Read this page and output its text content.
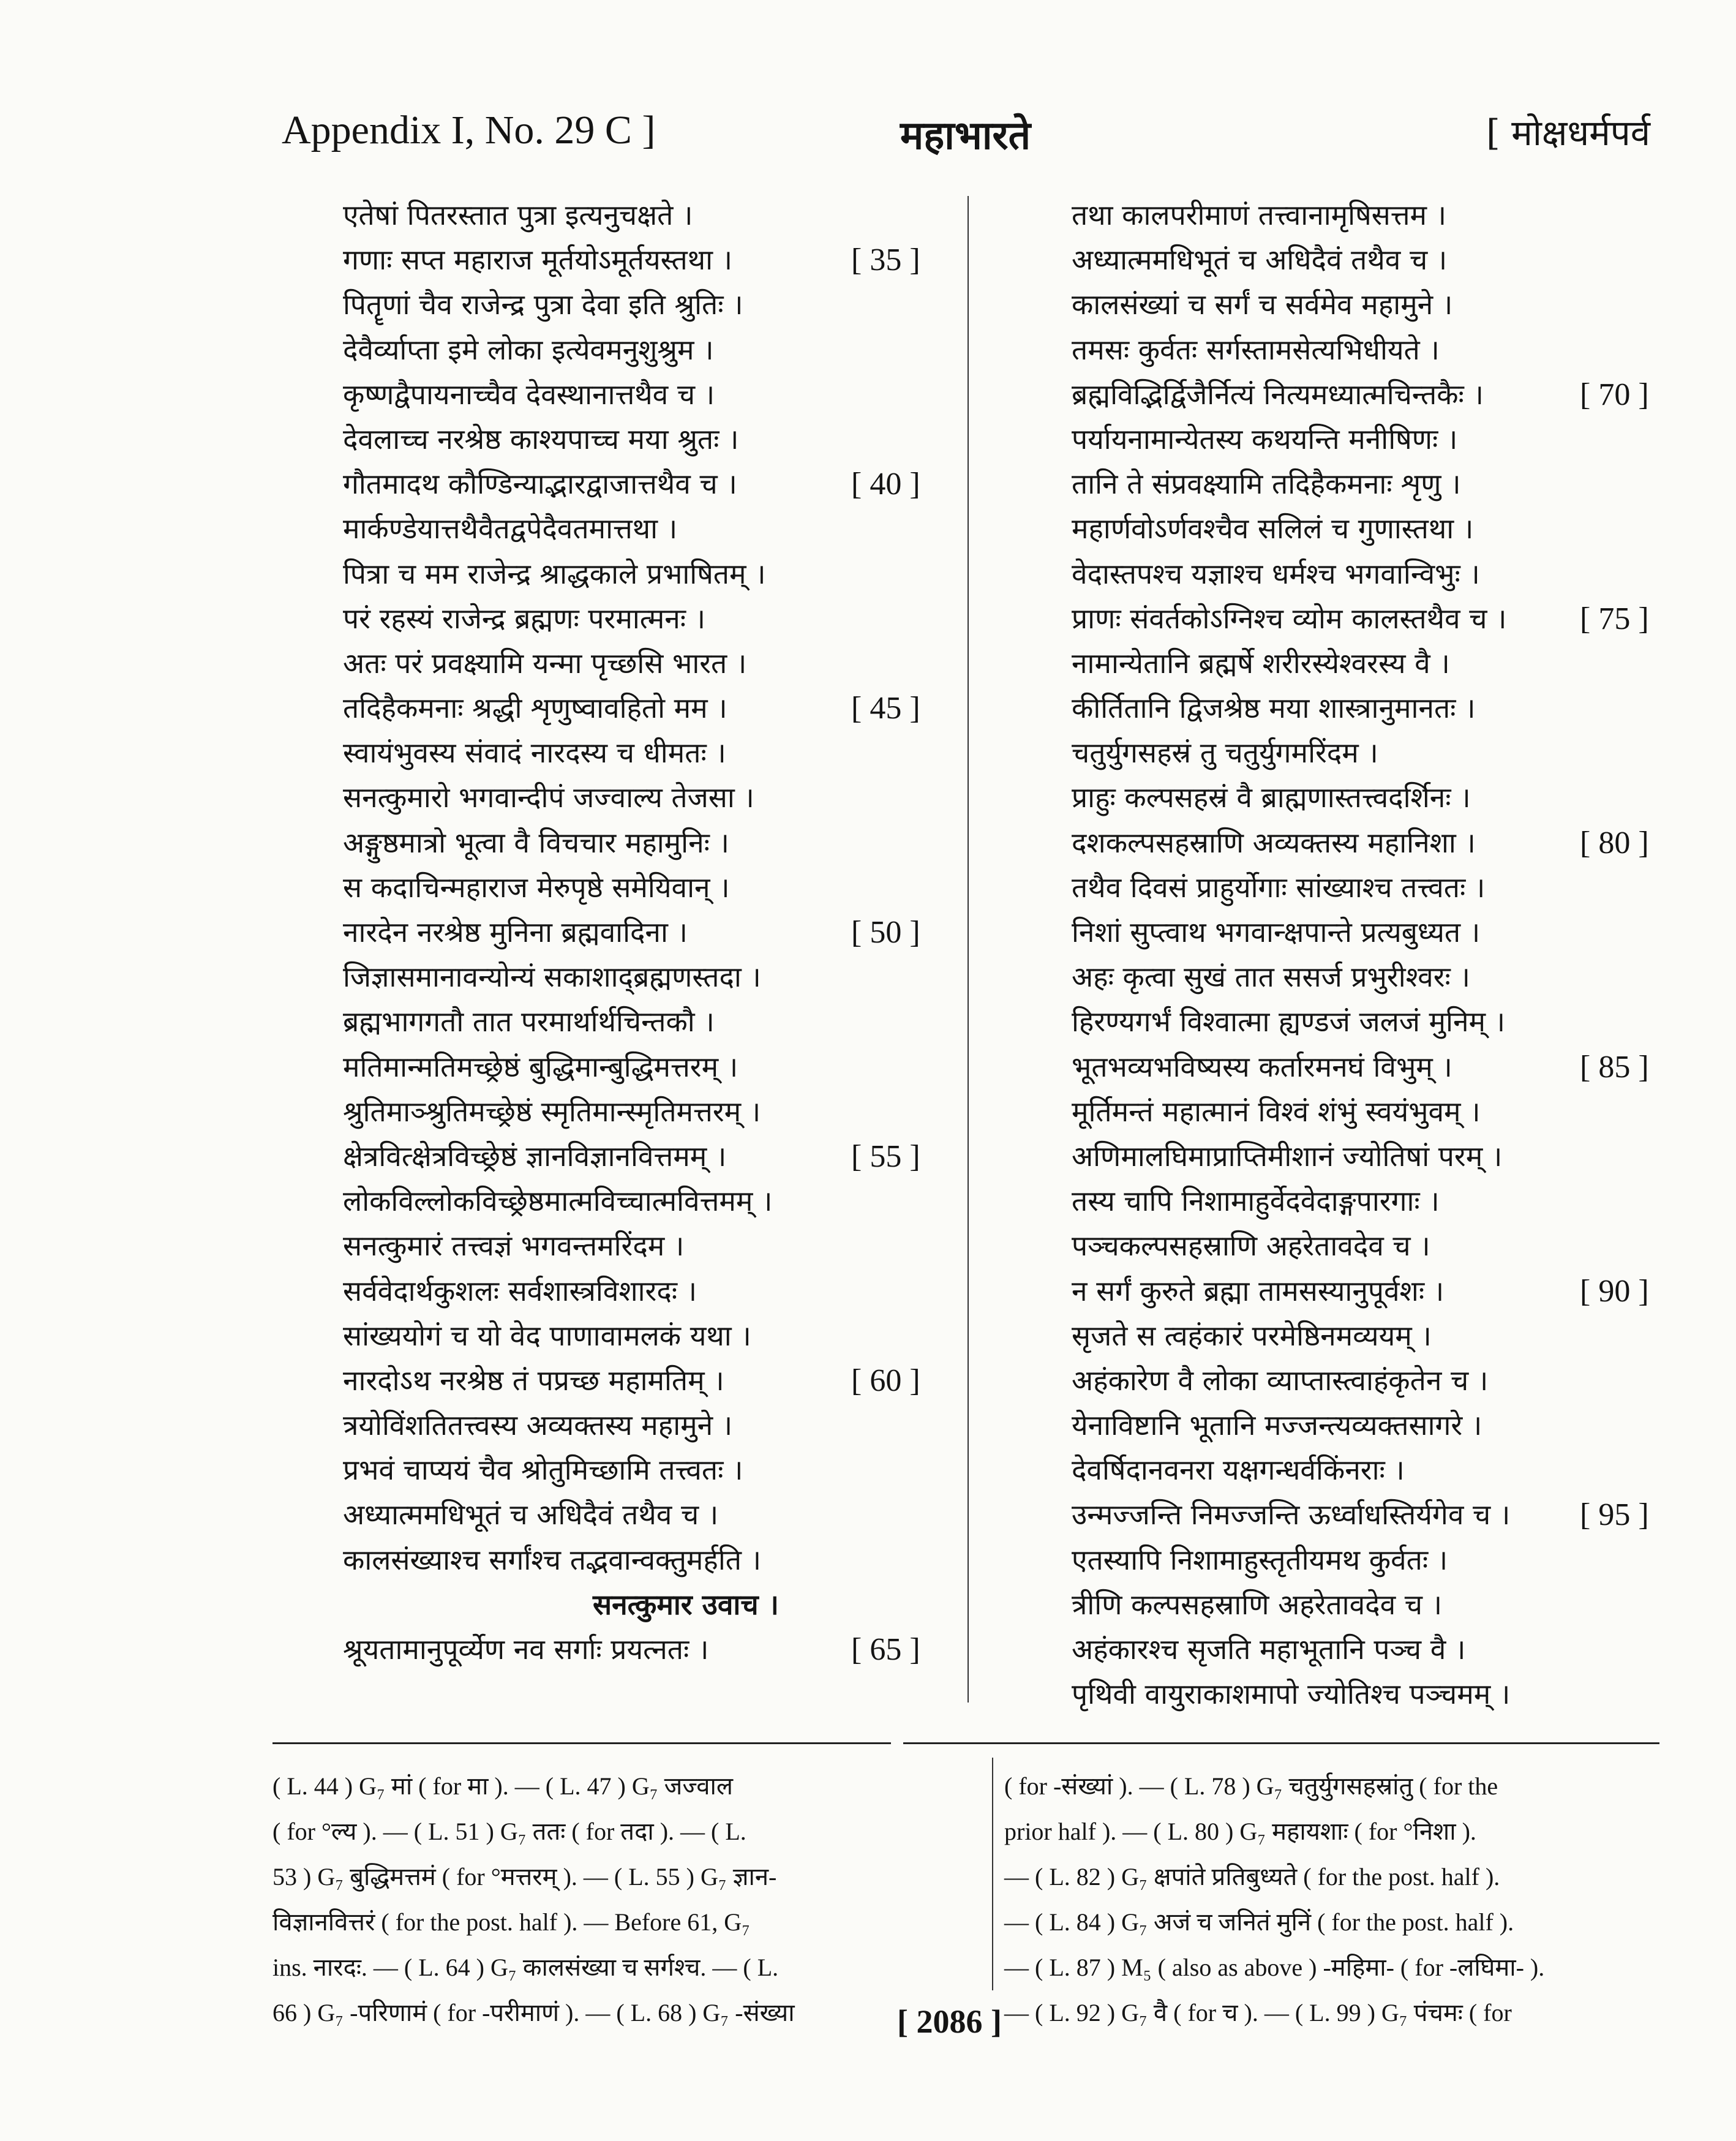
Appendix I, No. 29 C ]	महाभारते	[ मोक्षधर्मपर्व
एतेषां पितरस्तात पुत्रा इत्यनुचक्षते ।
गणाः सप्त महाराज मूर्तयोऽमूर्तयस्तथा ।	[ 35 ]
पितॄणां चैव राजेन्द्र पुत्रा देवा इति श्रुतिः ।
देवैर्व्याप्ता इमे लोका इत्येवमनुशुश्रुम ।
कृष्णद्वैपायनाच्चैव देवस्थानात्तथैव च ।
देवलाच्च नरश्रेष्ठ काश्यपाच्च मया श्रुतः ।
गौतमादथ कौण्डिन्याद्भारद्वाजात्तथैव च ।	[ 40 ]
मार्कण्डेयात्तथैवैतद्वपेदैवतमात्तथा ।
पित्रा च मम राजेन्द्र श्राद्धकाले प्रभाषितम् ।
परं रहस्यं राजेन्द्र ब्रह्मणः परमात्मनः ।
अतः परं प्रवक्ष्यामि यन्मा पृच्छसि भारत ।
तदिहैकमनाः श्रद्धी शृणुष्वावहितो मम ।	[ 45 ]
स्वायंभुवस्य संवादं नारदस्य च धीमतः ।
सनत्कुमारो भगवान्दीपं जज्वाल्य तेजसा ।
अङ्गुष्ठमात्रो भूत्वा वै विचचार महामुनिः ।
स कदाचिन्महाराज मेरुपृष्ठे समेयिवान् ।
नारदेन नरश्रेष्ठ मुनिना ब्रह्मवादिना ।	[ 50 ]
जिज्ञासमानावन्योन्यं सकाशाद्ब्रह्मणस्तदा ।
ब्रह्मभागगतौ तात परमार्थार्थचिन्तकौ ।
मतिमान्मतिमच्छ्रेष्ठं बुद्धिमान्बुद्धिमत्तरम् ।
श्रुतिमाञ्श्रुतिमच्छ्रेष्ठं स्मृतिमान्स्मृतिमत्तरम् ।
क्षेत्रवित्क्षेत्रविच्छ्रेष्ठं ज्ञानविज्ञानवित्तमम् ।	[ 55 ]
लोकविल्लोकविच्छ्रेष्ठमात्मविच्चात्मवित्तमम् ।
सनत्कुमारं तत्त्वज्ञं भगवन्तमरिंदम ।
सर्ववेदार्थकुशलः सर्वशास्त्रविशारदः ।
सांख्ययोगं च यो वेद पाणावामलकं यथा ।
नारदोऽथ नरश्रेष्ठ तं पप्रच्छ महामतिम् ।	[ 60 ]
त्रयोविंशतितत्त्वस्य अव्यक्तस्य महामुने ।
प्रभवं चाप्ययं चैव श्रोतुमिच्छामि तत्त्वतः ।
अध्यात्ममधिभूतं च अधिदैवं तथैव च ।
कालसंख्याश्च सर्गांश्च तद्भवान्वक्तुमर्हति ।
सनत्कुमार उवाच ।
श्रूयतामानुपूर्व्येण नव सर्गाः प्रयत्नतः ।	[ 65 ]
तथा कालपरीमाणं तत्त्वानामृषिसत्तम ।
अध्यात्ममधिभूतं च अधिदैवं तथैव च ।
कालसंख्यां च सर्गं च सर्वमेव महामुने ।
तमसः कुर्वतः सर्गस्तामसेत्यभिधीयते ।
ब्रह्मविद्भिर्द्विजैर्नित्यं नित्यमध्यात्मचिन्तकैः ।	[ 70 ]
पर्यायनामान्येतस्य कथयन्ति मनीषिणः ।
तानि ते संप्रवक्ष्यामि तदिहैकमनाः शृणु ।
महार्णवोऽर्णवश्चैव सलिलं च गुणास्तथा ।
वेदास्तपश्च यज्ञाश्च धर्मश्च भगवान्विभुः ।
प्राणः संवर्तकोऽग्निश्च व्योम कालस्तथैव च । [ 75 ]
नामान्येतानि ब्रह्मर्षे शरीरस्येश्वरस्य वै ।
कीर्तितानि द्विजश्रेष्ठ मया शास्त्रानुमानतः ।
चतुर्युगसहस्रं तु चतुर्युगमरिंदम ।
प्राहुः कल्पसहस्रं वै ब्राह्मणास्तत्त्वदर्शिनः ।
दशकल्पसहस्राणि अव्यक्तस्य महानिशा ।	[ 80 ]
तथैव दिवसं प्राहुर्योगाः सांख्याश्च तत्त्वतः ।
निशां सुप्त्वाथ भगवान्क्षपान्ते प्रत्यबुध्यत ।
अहः कृत्वा सुखं तात ससर्ज प्रभुरीश्वरः ।
हिरण्यगर्भं विश्वात्मा ह्यण्डजं जलजं मुनिम् ।
भूतभव्यभविष्यस्य कर्तारमनघं विभुम् ।	[ 85 ]
मूर्तिमन्तं महात्मानं विश्वं शंभुं स्वयंभुवम् ।
अणिमालघिमाप्राप्तिमीशानं ज्योतिषां परम् ।
तस्य चापि निशामाहुर्वेदवेदाङ्गपारगाः ।
पञ्चकल्पसहस्राणि अहरेतावदेव च ।
न सर्गं कुरुते ब्रह्मा तामसस्यानुपूर्वशः ।	[ 90 ]
सृजते स त्वहंकारं परमेष्ठिनमव्ययम् ।
अहंकारेण वै लोका व्याप्तास्त्वाहंकृतेन च ।
येनाविष्टानि भूतानि मज्जन्त्यव्यक्तसागरे ।
देवर्षिदानवनरा यक्षगन्धर्वकिंनराः ।
उन्मज्जन्ति निमज्जन्ति ऊर्ध्वाधस्तिर्यगेव च । [ 95 ]
एतस्यापि निशामाहुस्तृतीयमथ कुर्वतः ।
त्रीणि कल्पसहस्राणि अहरेतावदेव च ।
अहंकारश्च सृजति महाभूतानि पञ्च वै ।
पृथिवी वायुराकाशमापो ज्योतिश्च पञ्चमम् ।
( L. 44 ) G₇ मां ( for मा ). — ( L. 47 ) G₇ जज्वाल
( for °ल्य ). — ( L. 51 ) G₇ ततः ( for तदा ). — ( L.
53 ) G₇ बुद्धिमत्तमं ( for °मत्तरम् ). — ( L. 55 ) G₇ ज्ञान-
विज्ञानवित्तरं ( for the post. half ). — Before 61, G₇
ins. नारदः. — ( L. 64 ) G₇ कालसंख्या च सर्गश्च. — ( L.
66 ) G₇ -परिणामं ( for -परीमाणं ). — ( L. 68 ) G₇ -संख्या
( for -संख्यां ). — ( L. 78 ) G₇ चतुर्युगसहस्रांतु ( for the
prior half ). — ( L. 80 ) G₇ महायशाः ( for °निशा ).
— ( L. 82 ) G₇ क्षपांते प्रतिबुध्यते ( for the post. half ).
— ( L. 84 ) G₇ अजं च जनितं मुनिं ( for the post. half ).
— ( L. 87 ) M₅ ( also as above ) -महिमा- ( for -लघिमा- ).
— ( L. 92 ) G₇ वै ( for च ). — ( L. 99 ) G₇ पंचमः ( for
[ 2086 ]
